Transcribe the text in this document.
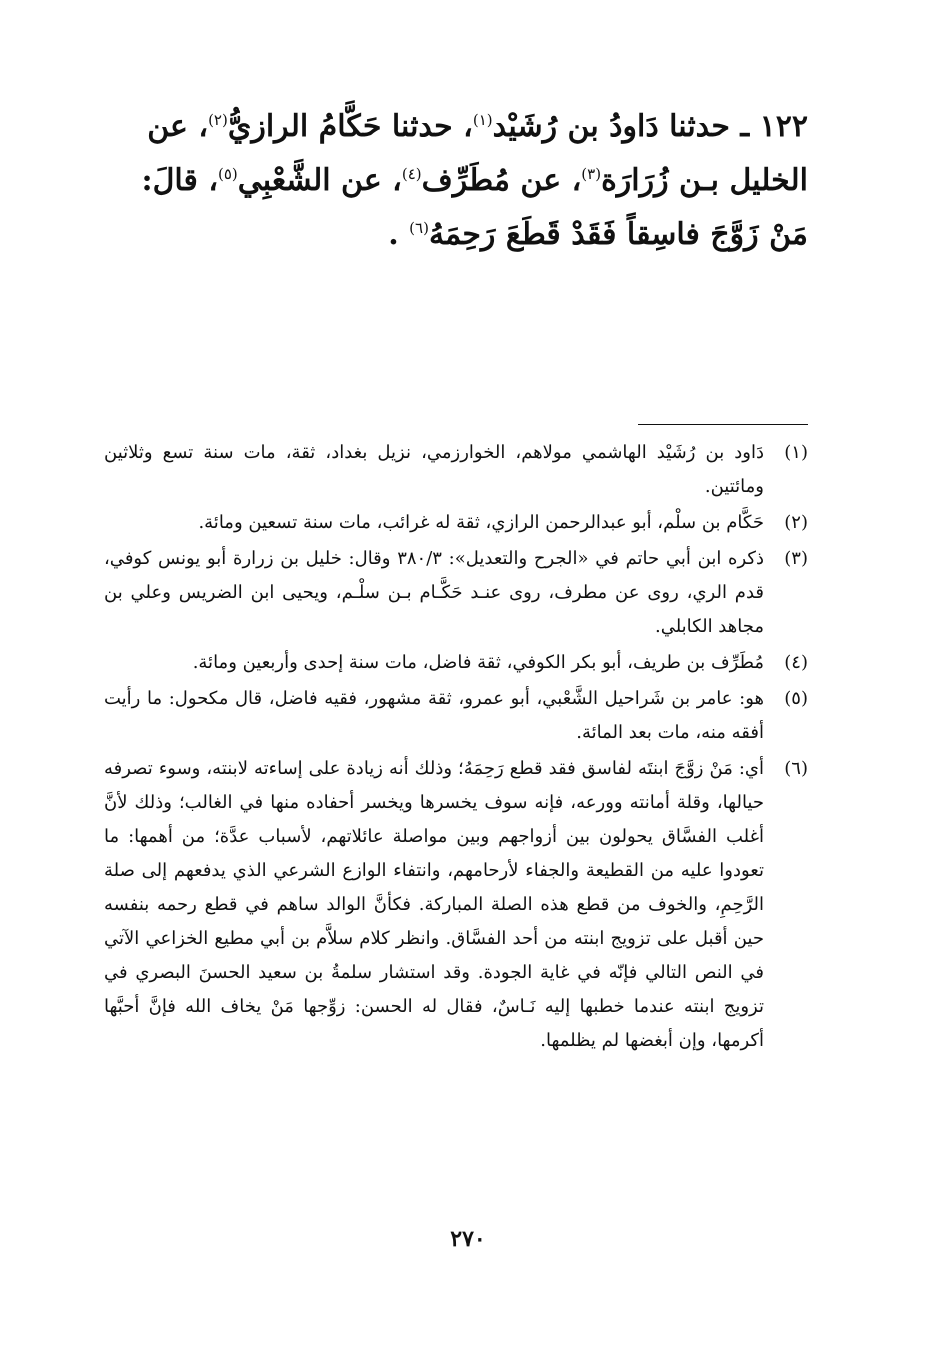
١٢٢ ـ حدثنا دَاودُ بن رُشَيْد$^{(١)}$، حدثنا حَكَّامُ الرازيُّ$^{(٢)}$، عن الخليل بـن زُرَارَة$^{(٣)}$، عن مُطَرِّف$^{(٤)}$، عن الشَّعْبِي$^{(٥)}$، قالَ: مَنْ زَوَّجَ فاسِقاً فَقَدْ قَطَعَ رَحِمَهُ$^{(٦)}$ .

(١)
دَاود بن رُشَيْد الهاشمي مولاهم، الخوارزمي، نزيل بغداد، ثقة، مات سنة تسع وثلاثين ومائتين.
(٢)
حَكَّام بن سلْم، أبو عبدالرحمن الرازي، ثقة له غرائب، مات سنة تسعين ومائة.
(٣)
ذكره ابن أبي حاتم في «الجرح والتعديل»: ٣٨٠/٣ وقال: خليل بن زرارة أبو يونس كوفي، قدم الري، روى عن مطرف، روى عنـد حَكَّـام بـن سلْـم، ويحيى ابن الضريس وعلي بن مجاهد الكابلي.
(٤)
مُطَرِّف بن طريف، أبو بكر الكوفي، ثقة فاضل، مات سنة إحدى وأربعين ومائة.
(٥)
هو: عامر بن شَراحيل الشَّعْبي، أبو عمرو، ثقة مشهور، فقيه فاضل، قال مكحول: ما رأيت أفقه منه، مات بعد المائة.
(٦)
أي: مَنْ زوَّجَ ابنتَه لفاسق فقد قطع رَحِمَهُ؛ وذلك أنه زيادة على إساءته لابنته، وسوء تصرفه حيالها، وقلة أمانته وورعه، فإنه سوف يخسرها ويخسر أحفاده منها في الغالب؛ وذلك لأنَّ أغلب الفسَّاق يحولون بين أزواجهم وبين مواصلة عائلاتهم، لأسباب عدَّة؛ من أهمها: ما تعودوا عليه من القطيعة والجفاء لأرحامهم، وانتفاء الوازع الشرعي الذي يدفعهم إلى صلة الرَّحِمِ، والخوف من قطع هذه الصلة المباركة. فكأنَّ الوالد ساهم في قطع رحمه بنفسه حين أقبل على تزويج ابنته من أحد الفسَّاق. وانظر كلام سلاَّم بن أبي مطيع الخزاعي الآتي في النص التالي فإنّه في غاية الجودة. وقد استشار سلمةُ بن سعيد الحسنَ البصري في تزويج ابنته عندما خطبها إليه نَـاسٌ، فقال له الحسن: زوِّجها مَنْ يخاف الله فإنَّ أحبَّها أكرمها، وإن أبغضها لم يظلمها.
٢٧٠
